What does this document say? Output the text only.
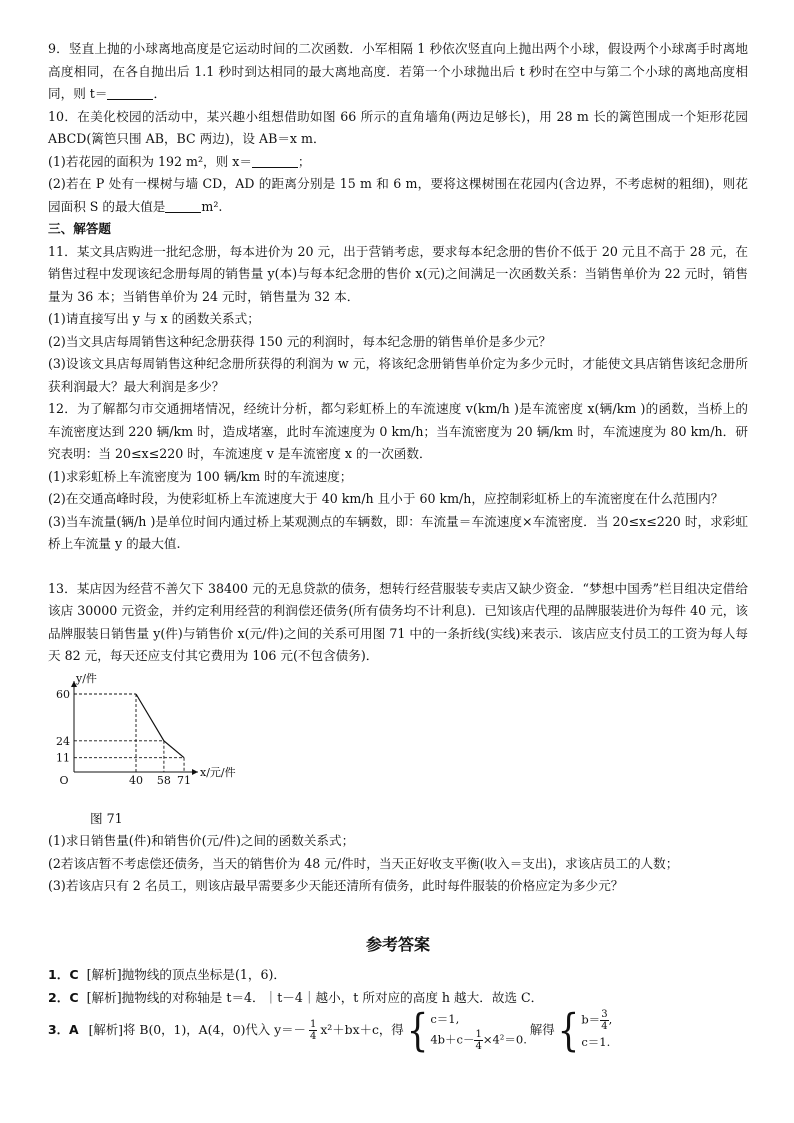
9．竖直上抛的小球离地高度是它运动时间的二次函数．小军相隔 1 秒依次竖直向上抛出两个小球，假设两个小球离手时离地高度相同，在各自抛出后 1.1 秒时到达相同的最大离地高度．若第一个小球抛出后 t 秒时在空中与第二个小球的离地高度相同，则 t＝	．

10．在美化校园的活动中，某兴趣小组想借助如图 66 所示的直角墙角(两边足够长)，用 28 m 长的篱笆围成一个矩形花园 ABCD(篱笆只围 AB，BC 两边)，设 AB＝x m．

(1)若花园的面积为 192 m²，则 x＝	；

(2)若在 P 处有一棵树与墙 CD，AD 的距离分别是 15 m 和 6 m，要将这棵树围在花园内(含边界，不考虑树的粗细)，则花园面积 S 的最大值是	m².

三、解答题

11．某文具店购进一批纪念册，每本进价为 20 元，出于营销考虑，要求每本纪念册的售价不低于 20 元且不高于 28 元，在销售过程中发现该纪念册每周的销售量 y(本)与每本纪念册的售价 x(元)之间满足一次函数关系：当销售单价为 22 元时，销售量为 36 本；当销售单价为 24 元时，销售量为 32 本．

(1)请直接写出 y 与 x 的函数关系式；

(2)当文具店每周销售这种纪念册获得 150 元的利润时，每本纪念册的销售单价是多少元？

(3)设该文具店每周销售这种纪念册所获得的利润为 w 元，将该纪念册销售单价定为多少元时，才能使文具店销售该纪念册所获利润最大？最大利润是多少？

12．为了解都匀市交通拥堵情况，经统计分析，都匀彩虹桥上的车流速度 v(km/h )是车流密度 x(辆/km )的函数，当桥上的车流密度达到 220 辆/km 时，造成堵塞，此时车流速度为 0 km/h；当车流密度为 20 辆/km 时，车流速度为 80 km/h．研究表明：当 20≤x≤220 时，车流速度 v 是车流密度 x 的一次函数．

(1)求彩虹桥上车流密度为 100 辆/km 时的车流速度；

(2)在交通高峰时段，为使彩虹桥上车流速度大于 40 km/h 且小于 60 km/h，应控制彩虹桥上的车流密度在什么范围内？

(3)当车流量(辆/h )是单位时间内通过桥上某观测点的车辆数，即：车流量＝车流速度×车流密度．当 20≤x≤220 时，求彩虹桥上车流量 y 的最大值.

13．某店因为经营不善欠下 38400 元的无息贷款的债务，想转行经营服装专卖店又缺少资金．“梦想中国秀”栏目组决定借给该店 30000 元资金，并约定利用经营的利润偿还债务(所有债务均不计利息)．已知该店代理的品牌服装进价为每件 40 元，该品牌服装日销售量 y(件)与销售价 x(元/件)之间的关系可用图 71 中的一条折线(实线)来表示．该店应支付员工的工资为每人每天 82 元，每天还应支付其它费用为 106 元(不包含债务)．

y/件
x/元/件
O
60
24
11
40 58 71

图 71

(1)求日销售量(件)和销售价(元/件)之间的函数关系式；

(2若该店暂不考虑偿还债务，当天的销售价为 48 元/件时，当天正好收支平衡(收入＝支出)，求该店员工的人数；

(3)若该店只有 2 名员工，则该店最早需要多少天能还清所有债务，此时每件服装的价格应定为多少元？

参考答案

1．C [解析]抛物线的顶点坐标是(1，6)．

2．C [解析]抛物线的对称轴是 t＝4．｜t－4｜越小，t 所对应的高度 h 越大．故选 C．

3．A
[解析]将 B(0，1)，A(4，0)代入 $y=- \frac{1}{4} x^2+bx+c$，得 { c＝1,
$4b+c- \frac{1}{4} \times 4^2=0$.
解得 { $b= \frac{3}{4}$ ,
c＝1.
